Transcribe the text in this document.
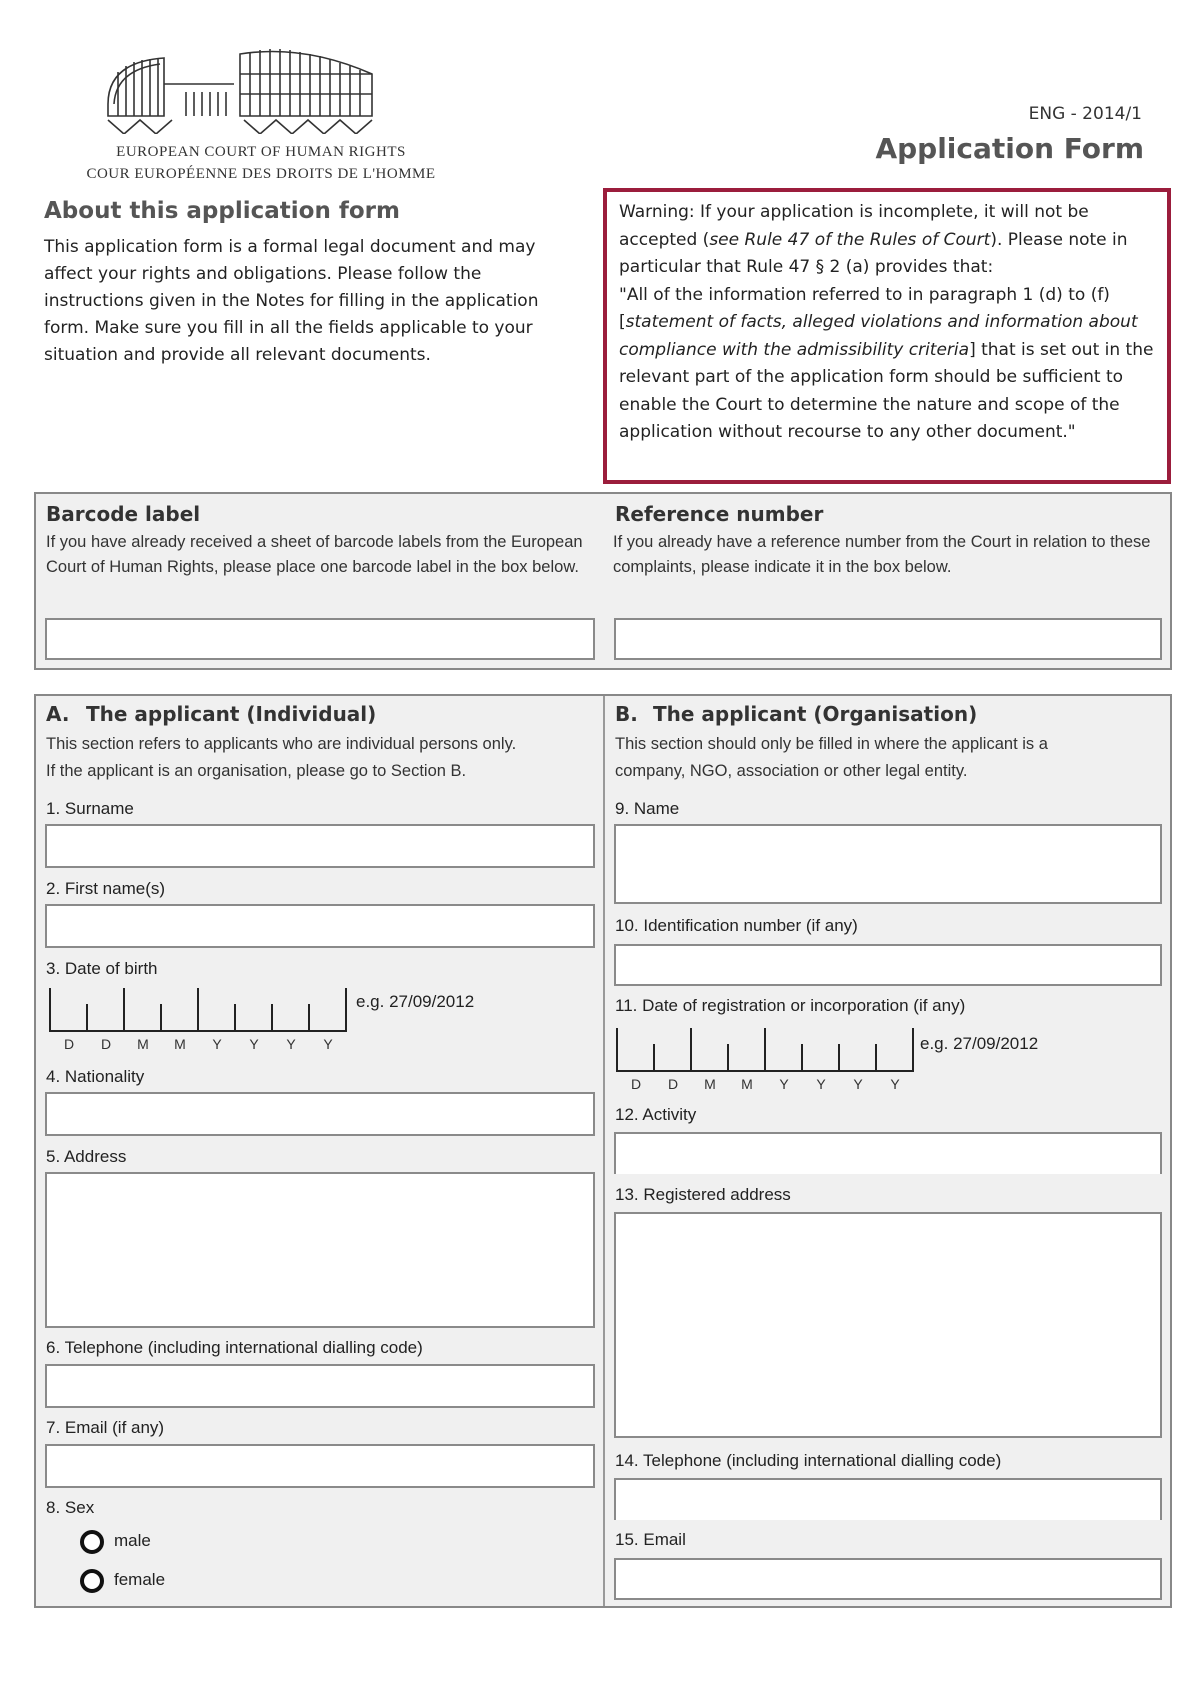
EUROPEAN COURT OF HUMAN RIGHTS
COUR EUROPÉENNE DES DROITS DE L'HOMME
ENG - 2014/1
Application Form
About this application form
This application form is a formal legal document and may affect your rights and obligations. Please follow the instructions given in the Notes for filling in the application form. Make sure you fill in all the fields applicable to your situation and provide all relevant documents.
Warning: If your application is incomplete, it will not be accepted (see Rule 47 of the Rules of Court). Please note in particular that Rule 47 § 2 (a) provides that:
"All of the information referred to in paragraph 1 (d) to (f) [statement of facts, alleged violations and information about compliance with the admissibility criteria] that is set out in the relevant part of the application form should be sufficient to enable the Court to determine the nature and scope of the application without recourse to any other document."
Barcode label
If you have already received a sheet of barcode labels from the European Court of Human Rights, please place one barcode label in the box below.
Reference number
If you already have a reference number from the Court in relation to these complaints, please indicate it in the box below.
A. The applicant (Individual)
This section refers to applicants who are individual persons only.
If the applicant is an organisation, please go to Section B.
1. Surname
2. First name(s)
3. Date of birth
D	D	M M	Y	Y	Y	Y
e.g. 27/09/2012
4. Nationality
5. Address
6. Telephone (including international dialling code)
7. Email (if any)
8. Sex
male
female
B. The applicant (Organisation)
This section should only be filled in where the applicant is a
company, NGO, association or other legal entity.
9. Name
10. Identification number (if any)
11. Date of registration or incorporation (if any)
D	D	M M	Y	Y	Y	Y
e.g. 27/09/2012
12. Activity
13. Registered address
14. Telephone (including international dialling code)
15. Email
